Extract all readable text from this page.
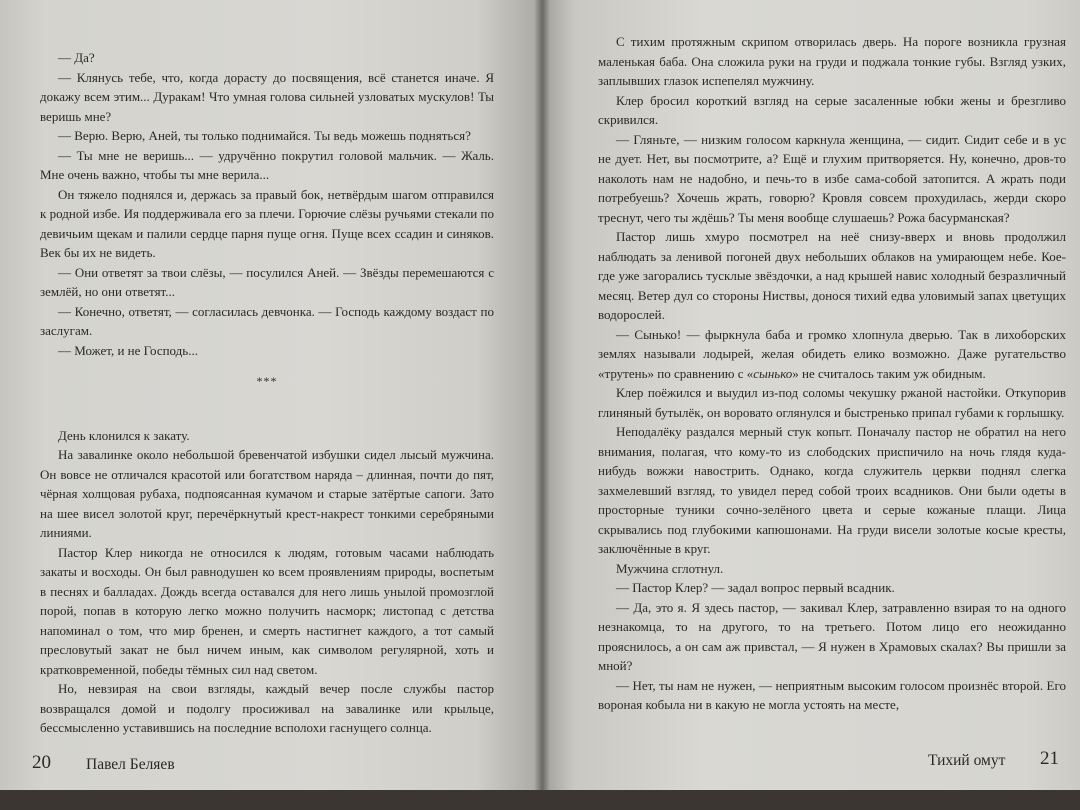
— Да?

— Клянусь тебе, что, когда дорасту до посвящения, всё станется иначе. Я докажу всем этим... Дуракам! Что умная голова сильней узловатых мускулов! Ты веришь мне?

— Верю. Верю, Аней, ты только поднимайся. Ты ведь можешь подняться?

— Ты мне не веришь... — удручённо покрутил головой мальчик. — Жаль. Мне очень важно, чтобы ты мне верила...

Он тяжело поднялся и, держась за правый бок, нетвёрдым шагом отправился к родной избе. Ия поддерживала его за плечи. Горючие слёзы ручьями стекали по девичьим щекам и палили сердце парня пуще огня. Пуще всех ссадин и синяков. Век бы их не видеть.

— Они ответят за твои слёзы, — посулился Аней. — Звёзды перемешаются с землёй, но они ответят...

— Конечно, ответят, — согласилась девчонка. — Господь каждому воздаст по заслугам.

— Может, и не Господь...

***

День клонился к закату.

На завалинке около небольшой бревенчатой избушки сидел лысый мужчина. Он вовсе не отличался красотой или богатством наряда – длинная, почти до пят, чёрная холщовая рубаха, подпоясанная кумачом и старые затёртые сапоги. Зато на шее висел золотой круг, перечёркнутый крест-накрест тонкими серебряными линиями.

Пастор Клер никогда не относился к людям, готовым часами наблюдать закаты и восходы. Он был равнодушен ко всем проявлениям природы, воспетым в песнях и балладах. Дождь всегда оставался для него лишь унылой промозглой порой, попав в которую легко можно получить насморк; листопад с детства напоминал о том, что мир бренен, и смерть настигнет каждого, а тот самый пресловутый закат не был ничем иным, как символом регулярной, хоть и кратковременной, победы тёмных сил над светом.

Но, невзирая на свои взгляды, каждый вечер после службы пастор возвращался домой и подолгу просиживал на завалинке или крыльце, бессмысленно уставившись на последние всполохи гаснущего солнца.

20 Павел Беляев

С тихим протяжным скрипом отворилась дверь. На пороге возникла грузная маленькая баба. Она сложила руки на груди и поджала тонкие губы. Взгляд узких, заплывших глазок испепелял мужчину.

Клер бросил короткий взгляд на серые засаленные юбки жены и брезгливо скривился.

— Гляньте, — низким голосом каркнула женщина, — сидит. Сидит себе и в ус не дует. Нет, вы посмотрите, а? Ещё и глухим притворяется. Ну, конечно, дров-то наколоть нам не надобно, и печь-то в избе сама-собой затопится. А жрать поди потребуешь? Хочешь жрать, говорю? Кровля совсем прохудилась, жерди скоро треснут, чего ты ждёшь? Ты меня вообще слушаешь? Рожа басурманская?

Пастор лишь хмуро посмотрел на неё снизу-вверх и вновь продолжил наблюдать за ленивой погоней двух небольших облаков на умирающем небе. Кое-где уже загорались тусклые звёздочки, а над крышей навис холодный безразличный месяц. Ветер дул со стороны Ниствы, донося тихий едва уловимый запах цветущих водорослей.

— Сынько! — фыркнула баба и громко хлопнула дверью. Так в лихоборских землях называли лодырей, желая обидеть елико возможно. Даже ругательство «трутень» по сравнению с «сынько» не считалось таким уж обидным.

Клер поёжился и выудил из-под соломы чекушку ржаной настойки. Откупорив глиняный бутылёк, он воровато оглянулся и быстренько припал губами к горлышку.

Неподалёку раздался мерный стук копыт. Поначалу пастор не обратил на него внимания, полагая, что кому-то из слободских приспичило на ночь глядя куда-нибудь вожжи навострить. Однако, когда служитель церкви поднял слегка захмелевший взгляд, то увидел перед собой троих всадников. Они были одеты в просторные туники сочно-зелёного цвета и серые кожаные плащи. Лица скрывались под глубокими капюшонами. На груди висели золотые косые кресты, заключённые в круг.

Мужчина сглотнул.

— Пастор Клер? — задал вопрос первый всадник.

— Да, это я. Я здесь пастор, — закивал Клер, затравленно взирая то на одного незнакомца, то на другого, то на третьего. Потом лицо его неожиданно прояснилось, а он сам аж привстал, — Я нужен в Храмовых скалах? Вы пришли за мной?

— Нет, ты нам не нужен, — неприятным высоким голосом произнёс второй. Его вороная кобыла ни в какую не могла устоять на месте,

Тихий омут 21
